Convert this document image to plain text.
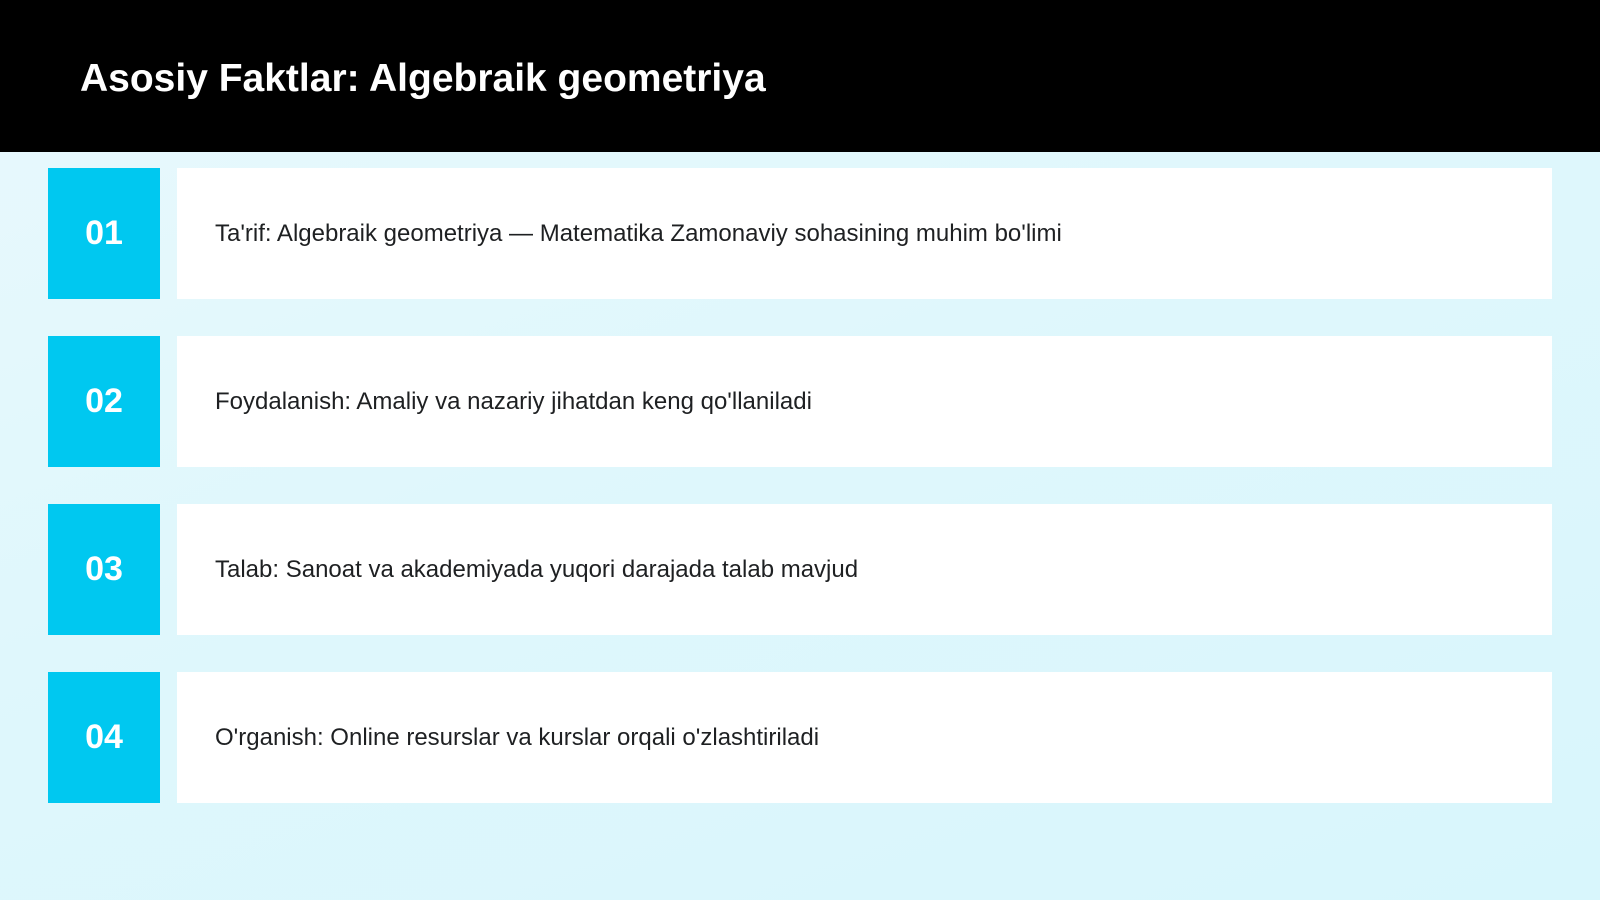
Asosiy Faktlar: Algebraik geometriya
01	Ta'rif: Algebraik geometriya — Matematika Zamonaviy sohasining muhim bo'limi
02	Foydalanish: Amaliy va nazariy jihatdan keng qo'llaniladi
03	Talab: Sanoat va akademiyada yuqori darajada talab mavjud
04	O'rganish: Online resurslar va kurslar orqali o'zlashtiriladi
